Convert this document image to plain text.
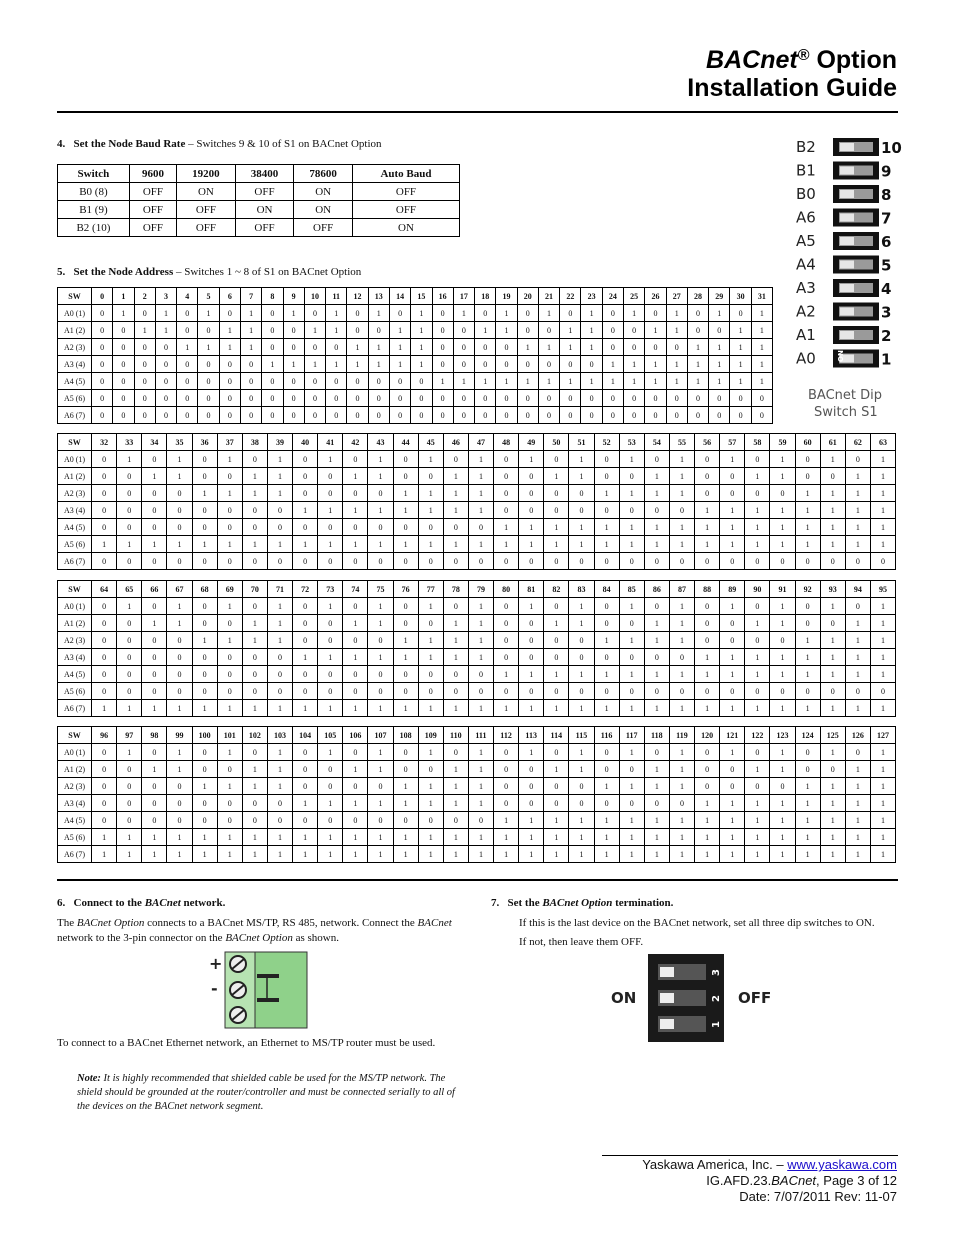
BACnet® Option
Installation Guide
4. Set the Node Baud Rate – Switches 9 & 10 of S1 on BACnet Option
Switch	9600	19200	38400	78600	Auto Baud
B0 (8)	OFF	ON	OFF	ON	OFF
B1 (9)	OFF	OFF	ON	ON	OFF
B2 (10)	OFF	OFF	OFF	OFF	ON
5. Set the Node Address – Switches 1 ~ 8 of S1 on BACnet Option
SW	0	1	2	3	4	5	6	7	8	9	10	11	12	13	14	15	16	17	18	19	20	21	22	23	24	25	26	27	28	29	30	31
A0 (1)	0	1	0	1	0	1	0	1	0	1	0	1	0	1	0	1	0	1	0	1	0	1	0	1	0	1	0	1	0	1	0	1
A1 (2)	0	0	1	1	0	0	1	1	0	0	1	1	0	0	1	1	0	0	1	1	0	0	1	1	0	0	1	1	0	0	1	1
A2 (3)	0	0	0	0	1	1	1	1	0	0	0	0	1	1	1	1	0	0	0	0	1	1	1	1	0	0	0	0	1	1	1	1
A3 (4)	0	0	0	0	0	0	0	0	1	1	1	1	1	1	1	1	0	0	0	0	0	0	0	0	1	1	1	1	1	1	1	1
A4 (5)	0	0	0	0	0	0	0	0	0	0	0	0	0	0	0	0	1	1	1	1	1	1	1	1	1	1	1	1	1	1	1	1
A5 (6)	0	0	0	0	0	0	0	0	0	0	0	0	0	0	0	0	0	0	0	0	0	0	0	0	0	0	0	0	0	0	0	0
A6 (7)	0	0	0	0	0	0	0	0	0	0	0	0	0	0	0	0	0	0	0	0	0	0	0	0	0	0	0	0	0	0	0	0
SW	32	33	34	35	36	37	38	39	40	41	42	43	44	45	46	47	48	49	50	51	52	53	54	55	56	57	58	59	60	61	62	63
A0 (1)	0	1	0	1	0	1	0	1	0	1	0	1	0	1	0	1	0	1	0	1	0	1	0	1	0	1	0	1	0	1	0	1
A1 (2)	0	0	1	1	0	0	1	1	0	0	1	1	0	0	1	1	0	0	1	1	0	0	1	1	0	0	1	1	0	0	1	1
A2 (3)	0	0	0	0	1	1	1	1	0	0	0	0	1	1	1	1	0	0	0	0	1	1	1	1	0	0	0	0	1	1	1	1
A3 (4)	0	0	0	0	0	0	0	0	1	1	1	1	1	1	1	1	0	0	0	0	0	0	0	0	1	1	1	1	1	1	1	1
A4 (5)	0	0	0	0	0	0	0	0	0	0	0	0	0	0	0	0	1	1	1	1	1	1	1	1	1	1	1	1	1	1	1	1
A5 (6)	1	1	1	1	1	1	1	1	1	1	1	1	1	1	1	1	1	1	1	1	1	1	1	1	1	1	1	1	1	1	1	1
A6 (7)	0	0	0	0	0	0	0	0	0	0	0	0	0	0	0	0	0	0	0	0	0	0	0	0	0	0	0	0	0	0	0	0
SW	64	65	66	67	68	69	70	71	72	73	74	75	76	77	78	79	80	81	82	83	84	85	86	87	88	89	90	91	92	93	94	95
A0 (1)	0	1	0	1	0	1	0	1	0	1	0	1	0	1	0	1	0	1	0	1	0	1	0	1	0	1	0	1	0	1	0	1
A1 (2)	0	0	1	1	0	0	1	1	0	0	1	1	0	0	1	1	0	0	1	1	0	0	1	1	0	0	1	1	0	0	1	1
A2 (3)	0	0	0	0	1	1	1	1	0	0	0	0	1	1	1	1	0	0	0	0	1	1	1	1	0	0	0	0	1	1	1	1
A3 (4)	0	0	0	0	0	0	0	0	1	1	1	1	1	1	1	1	0	0	0	0	0	0	0	0	1	1	1	1	1	1	1	1
A4 (5)	0	0	0	0	0	0	0	0	0	0	0	0	0	0	0	0	1	1	1	1	1	1	1	1	1	1	1	1	1	1	1	1
A5 (6)	0	0	0	0	0	0	0	0	0	0	0	0	0	0	0	0	0	0	0	0	0	0	0	0	0	0	0	0	0	0	0	0
A6 (7)	1	1	1	1	1	1	1	1	1	1	1	1	1	1	1	1	1	1	1	1	1	1	1	1	1	1	1	1	1	1	1	1
SW	96	97	98	99	100	101	102	103	104	105	106	107	108	109	110	111	112	113	114	115	116	117	118	119	120	121	122	123	124	125	126	127
A0 (1)	0	1	0	1	0	1	0	1	0	1	0	1	0	1	0	1	0	1	0	1	0	1	0	1	0	1	0	1	0	1	0	1
A1 (2)	0	0	1	1	0	0	1	1	0	0	1	1	0	0	1	1	0	0	1	1	0	0	1	1	0	0	1	1	0	0	1	1
A2 (3)	0	0	0	0	1	1	1	1	0	0	0	0	1	1	1	1	0	0	0	0	1	1	1	1	0	0	0	0	1	1	1	1
A3 (4)	0	0	0	0	0	0	0	0	1	1	1	1	1	1	1	1	0	0	0	0	0	0	0	0	1	1	1	1	1	1	1	1
A4 (5)	0	0	0	0	0	0	0	0	0	0	0	0	0	0	0	0	1	1	1	1	1	1	1	1	1	1	1	1	1	1	1	1
A5 (6)	1	1	1	1	1	1	1	1	1	1	1	1	1	1	1	1	1	1	1	1	1	1	1	1	1	1	1	1	1	1	1	1
A6 (7)	1	1	1	1	1	1	1	1	1	1	1	1	1	1	1	1	1	1	1	1	1	1	1	1	1	1	1	1	1	1	1	1
B2	10
B1	9
B0	8
A6	7
A5	6
A4	5
A3	4
A2	3
A1	2
A0	1
ON
BACnet Dip
Switch S1
6. Connect to the BACnet network.
The BACnet Option connects to a BACnet MS/TP, RS 485, network. Connect the BACnet network to the 3-pin connector on the BACnet Option as shown.
+
-
To connect to a BACnet Ethernet network, an Ethernet to MS/TP router must be used.
Note: It is highly recommended that shielded cable be used for the MS/TP network. The shield should be grounded at the router/controller and must be connected serially to all of the devices on the BACnet network segment.
7. Set the BACnet Option termination.
If this is the last device on the BACnet network, set all three dip switches to ON.
If not, then leave them OFF.
3
2
1
ON	OFF
Yaskawa America, Inc. – www.yaskawa.com
IG.AFD.23.BACnet, Page 3 of 12
Date: 7/07/2011 Rev: 11-07
